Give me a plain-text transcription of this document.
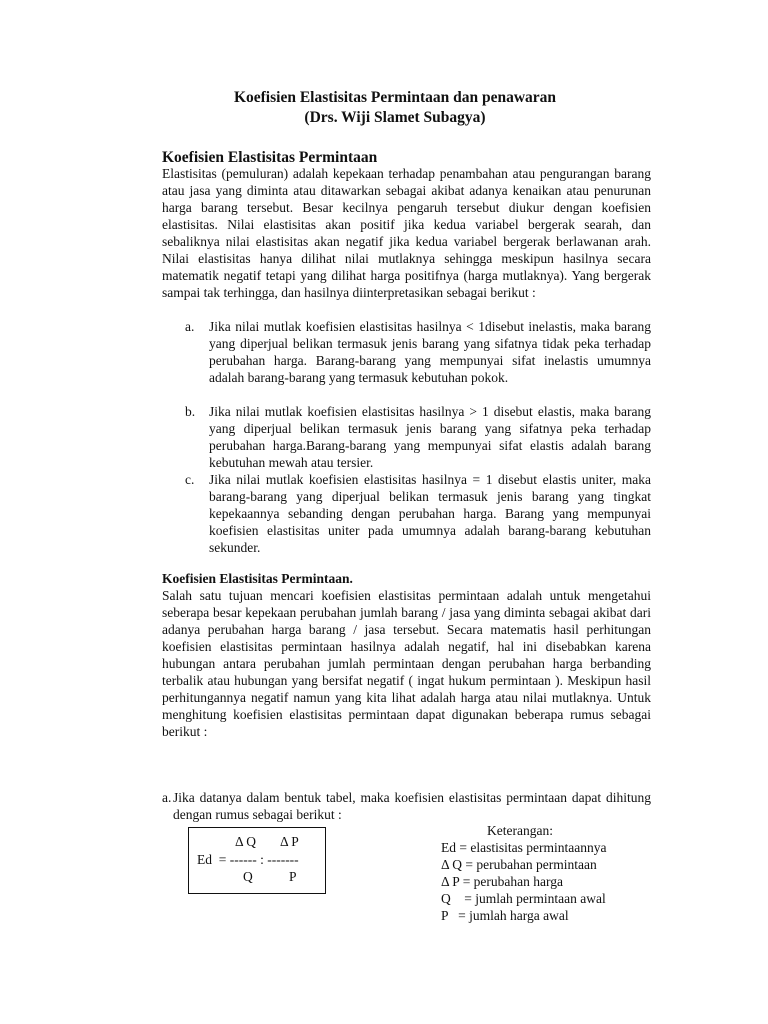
Koefisien Elastisitas Permintaan dan penawaran
(Drs. Wiji Slamet Subagya)
Koefisien Elastisitas Permintaan
Elastisitas (pemuluran) adalah kepekaan terhadap penambahan atau pengurangan barang atau jasa yang diminta atau ditawarkan sebagai akibat adanya kenaikan atau penurunan harga barang tersebut. Besar kecilnya pengaruh tersebut diukur dengan koefisien elastisitas. Nilai elastisitas akan positif jika kedua variabel bergerak searah, dan sebaliknya nilai elastisitas akan negatif jika kedua variabel bergerak berlawanan arah. Nilai elastisitas hanya dilihat nilai mutlaknya sehingga meskipun hasilnya secara matematik negatif tetapi yang dilihat harga positifnya (harga mutlaknya). Yang bergerak sampai tak terhingga, dan hasilnya diinterpretasikan sebagai berikut :
a. Jika nilai mutlak koefisien elastisitas hasilnya < 1disebut inelastis, maka barang yang diperjual belikan termasuk jenis barang yang sifatnya tidak peka terhadap perubahan harga. Barang-barang yang mempunyai sifat inelastis umumnya adalah barang-barang yang termasuk kebutuhan pokok.
b. Jika nilai mutlak koefisien elastisitas hasilnya > 1 disebut elastis, maka barang yang diperjual belikan termasuk jenis barang yang sifatnya peka terhadap perubahan harga.Barang-barang yang mempunyai sifat elastis adalah barang kebutuhan mewah atau tersier.
c. Jika nilai mutlak koefisien elastisitas hasilnya = 1 disebut elastis uniter, maka barang-barang yang diperjual belikan termasuk jenis barang yang tingkat kepekaannya sebanding dengan perubahan harga. Barang yang mempunyai koefisien elastisitas uniter pada umumnya adalah barang-barang kebutuhan sekunder.
Koefisien Elastisitas Permintaan.
Salah satu tujuan mencari koefisien elastisitas permintaan adalah untuk mengetahui seberapa besar kepekaan perubahan jumlah barang / jasa yang diminta sebagai akibat dari adanya perubahan harga barang / jasa tersebut. Secara matematis hasil perhitungan koefisien elastisitas permintaan hasilnya adalah negatif, hal ini disebabkan karena hubungan antara perubahan jumlah permintaan dengan perubahan harga berbanding terbalik atau hubungan yang bersifat negatif ( ingat hukum permintaan ). Meskipun hasil perhitungannya negatif namun yang kita lihat adalah harga atau nilai mutlaknya. Untuk menghitung koefisien elastisitas permintaan dapat digunakan beberapa rumus sebagai berikut :
a. Jika datanya dalam bentuk tabel, maka koefisien elastisitas permintaan dapat dihitung dengan rumus sebagai berikut :
Δ Q Δ P
Ed  = ------ : -------
Q	P
Keterangan:
Ed = elastisitas permintaannya
Δ Q = perubahan permintaan
Δ P = perubahan harga
Q    = jumlah permintaan awal
P   = jumlah harga awal
